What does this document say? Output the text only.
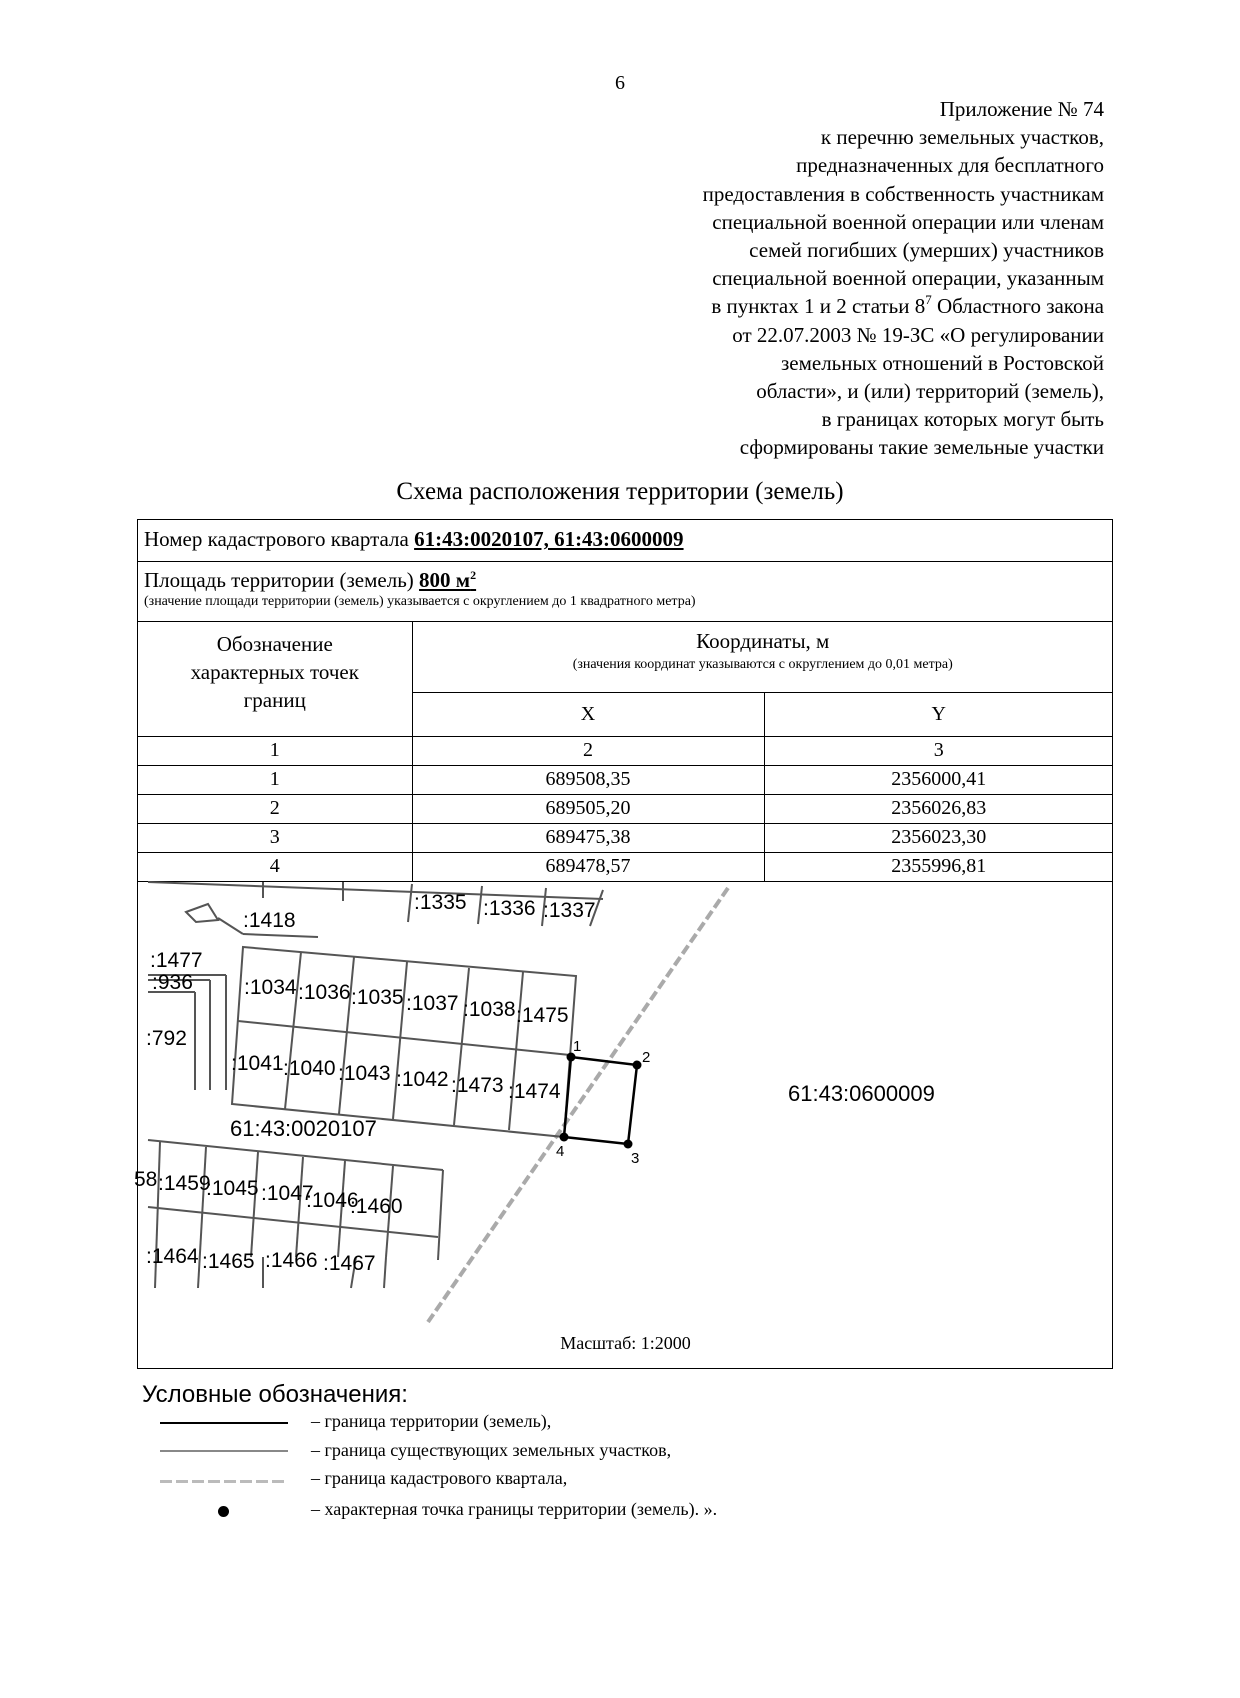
6
Приложение № 74
к перечню земельных участков,
предназначенных для бесплатного
предоставления в собственность участникам
специальной военной операции или членам
семей погибших (умерших) участников
специальной военной операции, указанным
в пунктах 1 и 2 статьи $8^7$ Областного закона
от 22.07.2003 № 19-ЗС «О регулировании
земельных отношений в Ростовской
области», и (или) территорий (земель),
в границах которых могут быть
сформированы такие земельные участки
Схема расположения территории (земель)
Номер кадастрового квартала 61:43:0020107, 61:43:0600009
Площадь территории (земель) 800 $м^2$
(значение площади территории (земель) указывается с округлением до 1 квадратного метра)
Обозначение характерных точек границ	Координаты, м
(значения координат указываются с округлением до 0,01 метра)	

	X	Y
1	2	3
1	689508,35	2356000,41
2	689505,20	2356026,83
3	689475,38	2356023,30
4	689478,57	2355996,81
1
2
3
4
:1335 :1336 :1337
:1418
:1477
:936
:792
:1034 :1036 :1035 :1037 :1038 :1475
:1041 :1040 :1043 :1042 :1473 :1474
:1459
:1045 :1047
:1046
:1460
:1464 :1465 :1466 :1467
58
61:43:0020107
61:43:0600009
Масштаб: 1:2000
Условные обозначения:
– граница территории (земель),
– граница существующих земельных участков,
– граница кадастрового квартала,
– характерная точка границы территории (земель). ».
